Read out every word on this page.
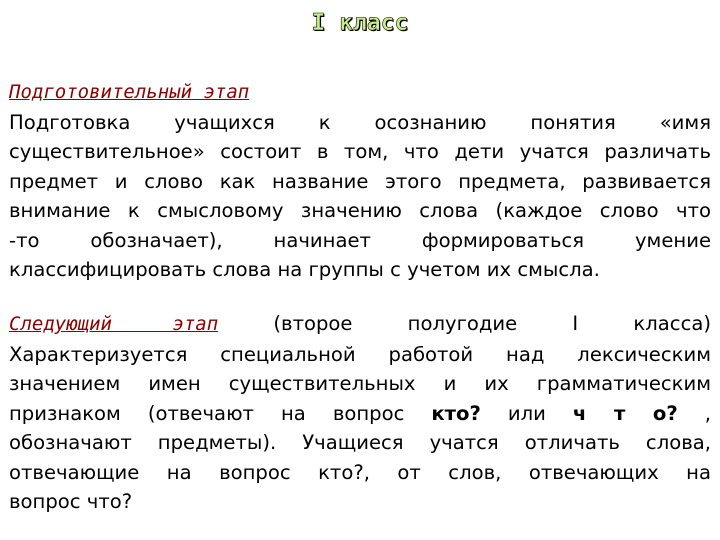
I класс
Подготовительный этап
Подготовка учащихся к осознанию понятия «имя
существительное» состоит в том, что дети учатся различать
предмет и слово как название этого предмета, развивается
внимание к смысловому значению слова (каждое слово что
-то обозначает), начинает формироваться умение
классифицировать слова на группы с учетом их смысла.
Следующий этап	(второе полугодие I класса)
Характеризуется специальной работой над лексическим
значением имен существительных и их грамматическим
признаком (отвечают на вопрос кто? или ч т о? ,
обозначают предметы). Учащиеся учатся отличать слова,
отвечающие на вопрос кто?, от слов, отвечающих на
вопрос что?
